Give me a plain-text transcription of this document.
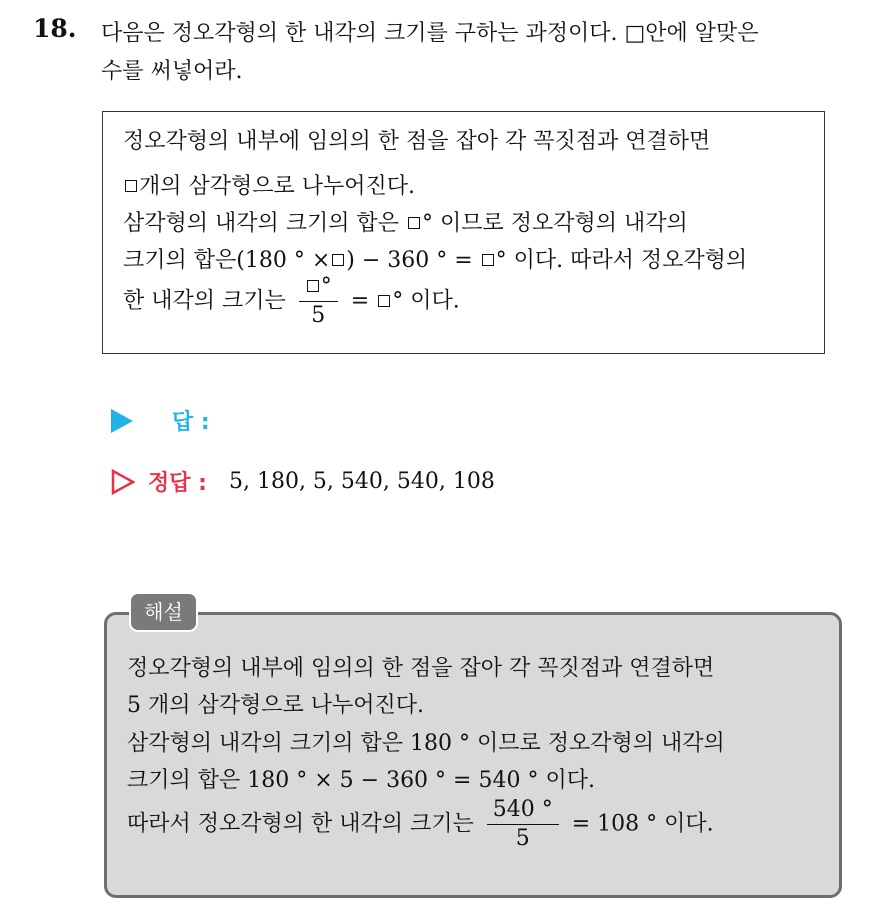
18. 다음은 정오각형의 한 내각의 크기를 구하는 과정이다. □안에 알맞은
수를 써넣어라.
정오각형의 내부에 임의의 한 점을 잡아 각 꼭짓점과 연결하면
개의 삼각형으로 나누어진다.
삼각형의 내각의 크기의 합은 ° 이므로 정오각형의 내각의
크기의 합은(180 ° × ) − 360 ° = ° 이다. 따라서 정오각형의
한 내각의 크기는 $\frac{^\circ}{5}$ = ° 이다.
답 :
정답 : 5, 180, 5, 540, 540, 108
정오각형의 내부에 임의의 한 점을 잡아 각 꼭짓점과 연결하면
5 개의 삼각형으로 나누어진다.
삼각형의 내각의 크기의 합은 180 ° 이므로 정오각형의 내각의
크기의 합은 180 ° × 5 − 360 ° = 540 ° 이다.
따라서 정오각형의 한 내각의 크기는 $\frac{540 ^\circ}{5} = 108$ ° 이다.
해설
